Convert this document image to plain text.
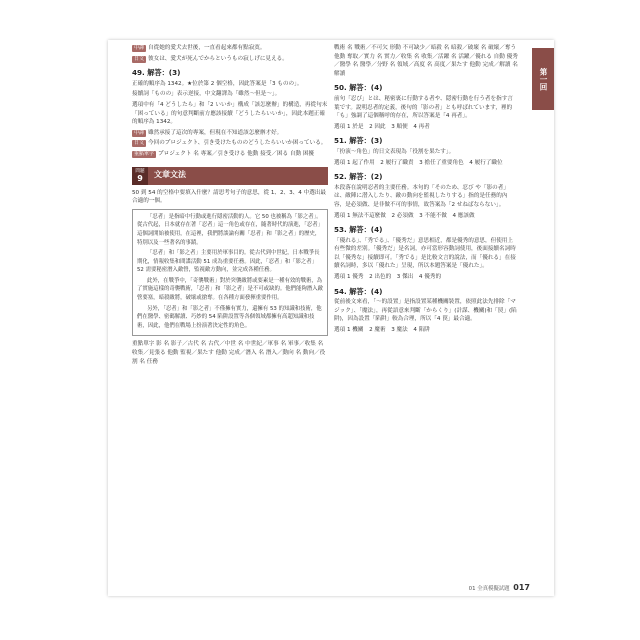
中譯 自從她的愛犬去世後，一直看起來都有點寂寞。

日文 彼女は、愛犬が死んでからというもの寂しげに見える。

49. 解答：(3)

正確的順序為 1342。★位於第 2 個空格，因此答案是「3 ものの」。

接續詞「ものの」表示逆接，中文翻譯為「雖然～但是～」。

選項中有「4 どうしたら」和「2 いいか」構成「該怎麼辦」的構造，再從句末「困っている」的句意判斷前方應該接續「どうしたらいいか」，因此本題正確的順序為 1342。

中譯 雖然承接了這次的專案，但現在不知道該怎麼辦才好。

日文 今回のプロジェクト、引き受けたもののどうしたらいいか困っている。

重點單字 プロジェクト 名 專案／引き受ける 他動 接受／困る 自動 困擾

問題
9 文章文法

50 到 54 的空格中要填入什麼？請思考句子的意思，從 1、2、3、4 中選出最合適的一個。

「忍者」是指暗中行動或進行隱密活動的人。它 50 也被稱為「影之者」。從古代起，日本就存在著「忍者」這一角色或存在，隨著時代的演進，「忍者」這個詞開始被使用，在這裡，我們將談論有關「忍者」和「影之者」的歷史，特別以及一些著名的事蹟。

「忍者」和「影之者」主要用於軍事目的。從古代到中世紀，日本戰爭長期化，情報收集和間諜活動 51 成為重要任務。因此，「忍者」和「影之者」 52 需要秘密潛入敵營，監視敵方動向，並完成各種任務。

此外，在戰爭中，「奇襲戰術」對於突襲敵將或要素是一種有效的戰術，為了實施這樣的奇襲戰術，「忍者」和「影之者」是不可或缺的。他們能夠潛入敵營要塞，暗殺敵將，破壞或搶奪。在各種方面發揮重要作用。

另外，「忍者」和「影之者」不僅擁有實力，還擁有 53 的知識和技術，他們在醫學、密碼解讀、巧妙的 54 陷阱設置等各個領域都擁有高超知識和技術，因此，他們在戰場上扮演著決定性的角色。

重點單字 影 名 影子／古代 名 古代／中世 名 中世紀／軍事 名 軍事／收集 名 收集／見張る 他動 監視／果たす 他動 完成／潛入 名 潛入／動向 名 動向／役割 名 任務

戰術 名 戰術／不可欠 形動 不可缺少／暗殺 名 暗殺／破壞 名 破壞／奪う 他動 奪取／實力 名 實力／收集 名 收集／活躍 名 活躍／優れる 自動 優秀／醫學 名 醫學／分野 名 領域／高度 名 高度／果たす 他動 完成／解讀 名 解讀

50. 解答：(4)

前句「忍び」とは、秘密裏に行動する者や、隠密行動を行う者を指す言葉です。說明忍者的定義，後句的「影の者」とも呼ばれています，裡的「も」強調了這個稱呼的存在，所以答案是「4 再者」。

選項 1 於是　2 因此　3 順便　4 再者

51. 解答：(3)

「扮演～角色」的日文表現為「役割を果たす」。

選項 1 起了作用　2 履行了職責　3 擔任了重要角色　4 履行了職位

52. 解答：(2)

本段落在說明忍者的主要任務。本句的「そのため、忍び や「影の者」は、敵陣に潜入したり、敵の動向を監視したりする」指的是任務的內容，是必須做、是非做不可的事情，故答案為「2 せねばならない」。

選項 1 無法不這麼做　2 必須做　3 不能不做　4 應該做

53. 解答：(4)

「優れる」、「秀でる」、「優秀だ」意思相近，都是優秀的意思，但使用上有些微的差別。「優秀だ」是名詞，亦可當形容動詞使用，後面接續名詞時以「優秀な」接續即可。「秀でる」是比較文言的說法，而「優れる」在接續名詞時，多以「優れた」呈現，所以本題答案是「優れた」。

選項 1 優秀　2 出色的　3 傑出　4 優秀的

54. 解答：(4)

從前後文來看，「～的設置」是指設置某種機關裝置，依照此法先排除「マジック」、「魔法」，再從語意來判斷「からくり」(計謀、機關)和「罠」(陷阱)，因為設置「陷阱」較為合理，所以「4 罠」最合適。

選項 1 機關　2 魔術　3 魔法　4 陷阱

第一回
01 全真模擬試題 017
